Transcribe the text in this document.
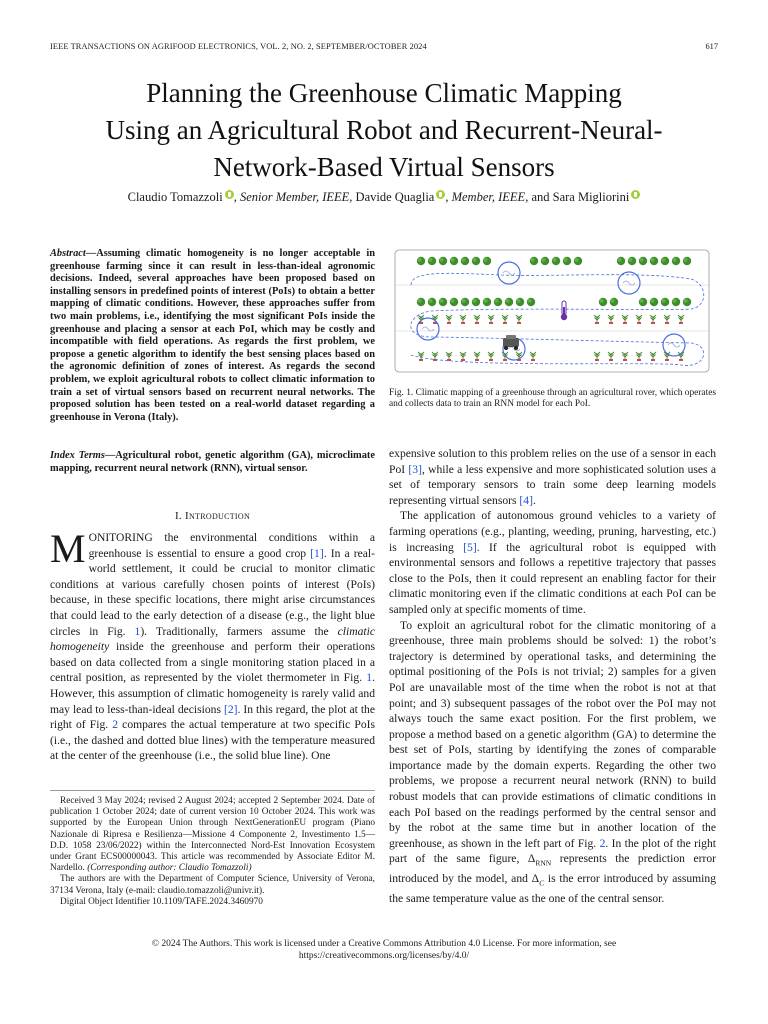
IEEE TRANSACTIONS ON AGRIFOOD ELECTRONICS, VOL. 2, NO. 2, SEPTEMBER/OCTOBER 2024	617
Planning the Greenhouse Climatic Mapping
Using an Agricultural Robot and Recurrent-Neural-
Network-Based Virtual Sensors
Claudio Tomazzoli , Senior Member, IEEE, Davide Quaglia , Member, IEEE, and Sara Migliorini
Abstract—Assuming climatic homogeneity is no longer acceptable in greenhouse farming since it can result in less-than-ideal agronomic decisions. Indeed, several approaches have been proposed based on installing sensors in predefined points of interest (PoIs) to obtain a better mapping of climatic conditions. However, these approaches suffer from two main problems, i.e., identifying the most significant PoIs inside the greenhouse and placing a sensor at each PoI, which may be costly and incompatible with field operations. As regards the first problem, we propose a genetic algorithm to identify the best sensing places based on the agronomic definition of zones of interest. As regards the second problem, we exploit agricultural robots to collect climatic information to train a set of virtual sensors based on recurrent neural networks. The proposed solution has been tested on a real-world dataset regarding a greenhouse in Verona (Italy).
Index Terms—Agricultural robot, genetic algorithm (GA), microclimate mapping, recurrent neural network (RNN), virtual sensor.
I. Introduction

MONITORING the environmental conditions within a greenhouse is essential to ensure a good crop [1]. In a real-world settlement, it could be crucial to monitor climatic conditions at various carefully chosen points of interest (PoIs) because, in these specific locations, there might arise circumstances that could lead to the early detection of a disease (e.g., the light blue circles in Fig. 1). Traditionally, farmers assume the climatic homogeneity inside the greenhouse and perform their operations based on data collected from a single monitoring station placed in a central position, as represented by the violet thermometer in Fig. 1. However, this assumption of climatic homogeneity is rarely valid and may lead to less-than-ideal decisions [2]. In this regard, the plot at the right of Fig. 2 compares the actual temperature at two specific PoIs (i.e., the dashed and dotted blue lines) with the temperature measured at the center of the greenhouse (i.e., the solid blue line). One

Received 3 May 2024; revised 2 August 2024; accepted 2 September 2024. Date of publication 1 October 2024; date of current version 10 October 2024. This work was supported by the European Union through NextGenerationEU program (Piano Nazionale di Ripresa e Resilienza—Missione 4 Componente 2, Investimento 1.5—D.D. 1058 23/06/2022) within the Interconnected Nord-Est Innovation Ecosystem under Grant ECS00000043. This article was recommended by Associate Editor M. Nardello. (Corresponding author: Claudio Tomazzoli)

The authors are with the Department of Computer Science, University of Verona, 37134 Verona, Italy (e-mail: claudio.tomazzoli@univr.it).

Digital Object Identifier 10.1109/TAFE.2024.3460970

Fig. 1. Climatic mapping of a greenhouse through an agricultural rover, which operates and collects data to train an RNN model for each PoI.

expensive solution to this problem relies on the use of a sensor in each PoI [3], while a less expensive and more sophisticated solution uses a set of temporary sensors to train some deep learning models representing virtual sensors [4].

The application of autonomous ground vehicles to a variety of farming operations (e.g., planting, weeding, pruning, harvesting, etc.) is increasing [5]. If the agricultural robot is equipped with environmental sensors and follows a repetitive trajectory that passes close to the PoIs, then it could represent an enabling factor for their climatic monitoring even if the climatic conditions at each PoI can be sampled only at specific moments of time.

To exploit an agricultural robot for the climatic monitoring of a greenhouse, three main problems should be solved: 1) the robot’s trajectory is determined by operational tasks, and determining the optimal positioning of the PoIs is not trivial; 2) samples for a given PoI are unavailable most of the time when the robot is not at that point; and 3) subsequent passages of the robot over the PoI may not always touch the same exact position. For the first problem, we propose a method based on a genetic algorithm (GA) to determine the best set of PoIs, starting by identifying the zones of comparable importance made by the domain experts. Regarding the other two problems, we propose a recurrent neural network (RNN) to build robust models that can provide estimations of climatic conditions in each PoI based on the readings performed by the central sensor and by the robot at the same time but in another location of the greenhouse, as shown in the left part of Fig. 2. In the plot of the right part of the same figure, $\Delta_{RNN}$ represents the prediction error introduced by the model, and $\Delta_C$ is the error introduced by assuming the same temperature value as the one of the central sensor.

© 2024 The Authors. This work is licensed under a Creative Commons Attribution 4.0 License. For more information, see
https://creativecommons.org/licenses/by/4.0/
